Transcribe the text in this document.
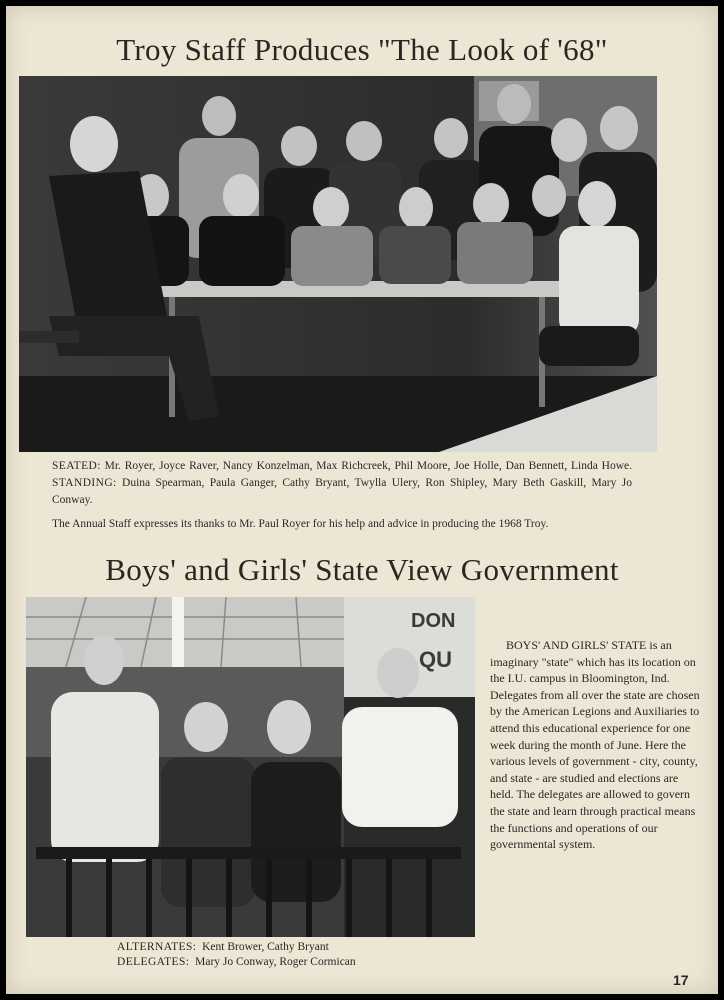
Troy Staff Produces "The Look of '68"

SEATED: Mr. Royer, Joyce Raver, Nancy Konzelman, Max Richcreek, Phil Moore, Joe Holle, Dan Bennett, Linda Howe. STANDING: Duina Spearman, Paula Ganger, Cathy Bryant, Twylla Ulery, Ron Shipley, Mary Beth Gaskill, Mary Jo Conway.

The Annual Staff expresses its thanks to Mr. Paul Royer for his help and advice in producing the 1968 Troy.

Boys' and Girls' State View Government
DON
QU

BOYS' AND GIRLS' STATE is an imaginary "state" which has its location on the I.U. campus in Bloomington, Ind. Delegates from all over the state are chosen by the American Legions and Auxiliaries to attend this educational experience for one week during the month of June. Here the various levels of government - city, county, and state - are studied and elections are held. The delegates are allowed to govern the state and learn through practical means the functions and operations of our governmental system.

ALTERNATES: Kent Brower, Cathy Bryant
DELEGATES: Mary Jo Conway, Roger Cormican
17
